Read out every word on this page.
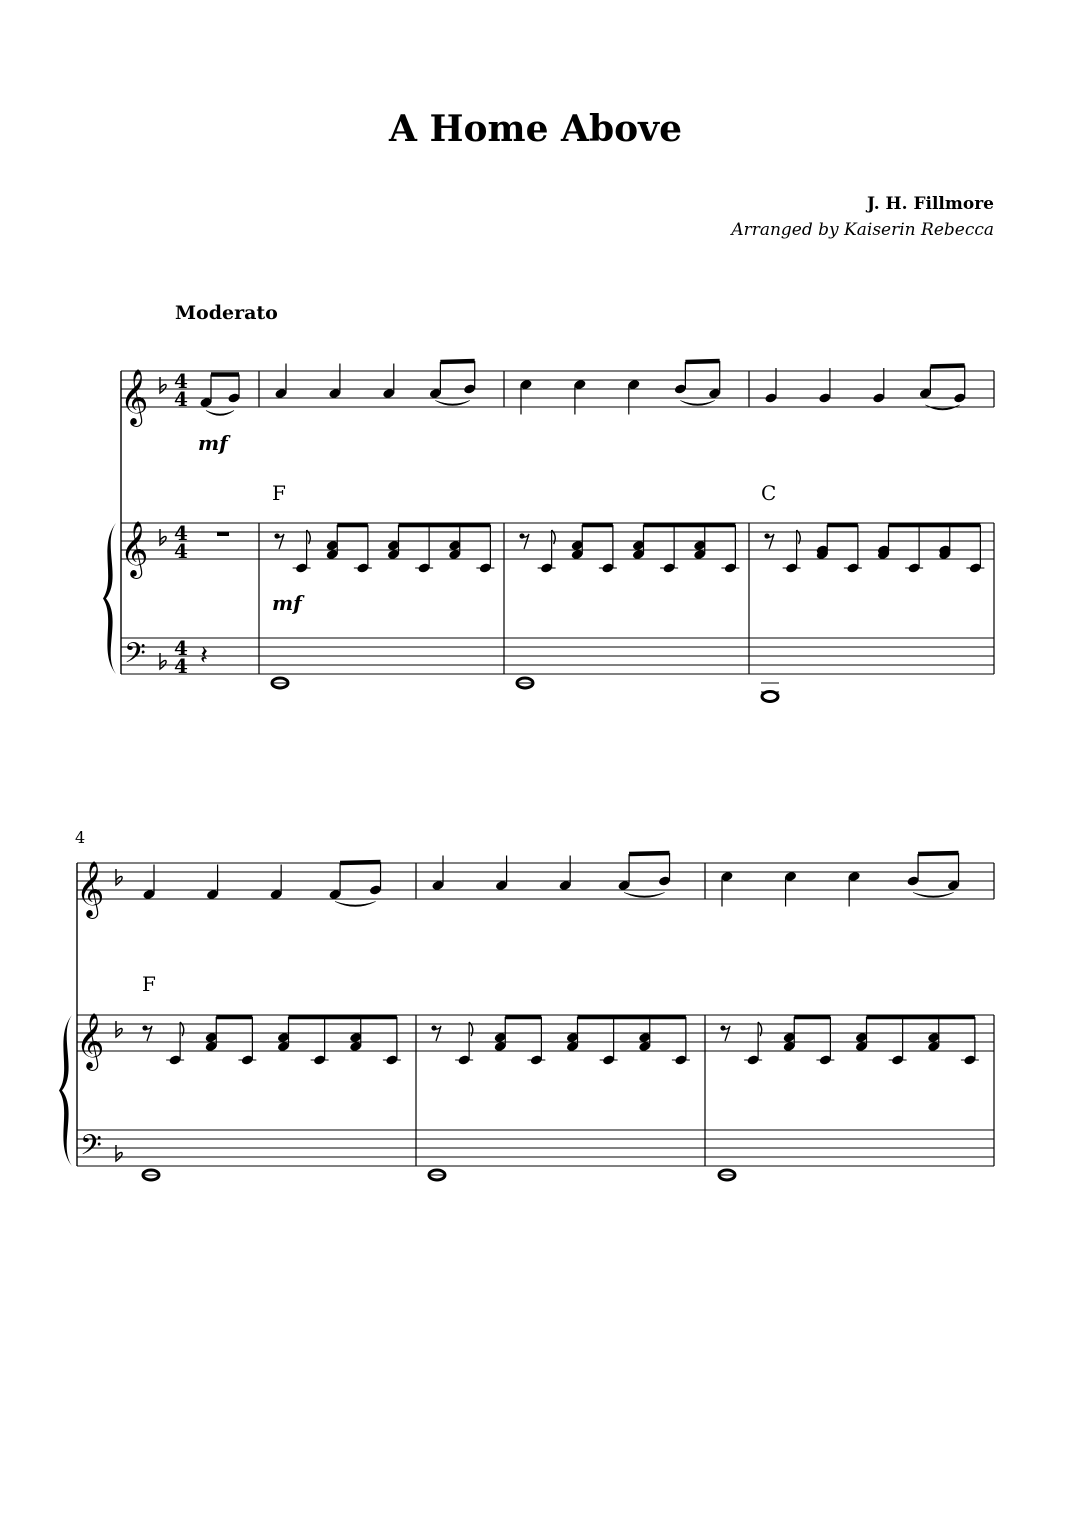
A Home Above
J. H. Fillmore
Arranged by Kaiserin Rebecca
Moderato
𝄞
𝄞
𝄢
4
4
4
4
4
4
mf
𝄽
mf
F	C
4
𝄞
𝄞
𝄢
F
